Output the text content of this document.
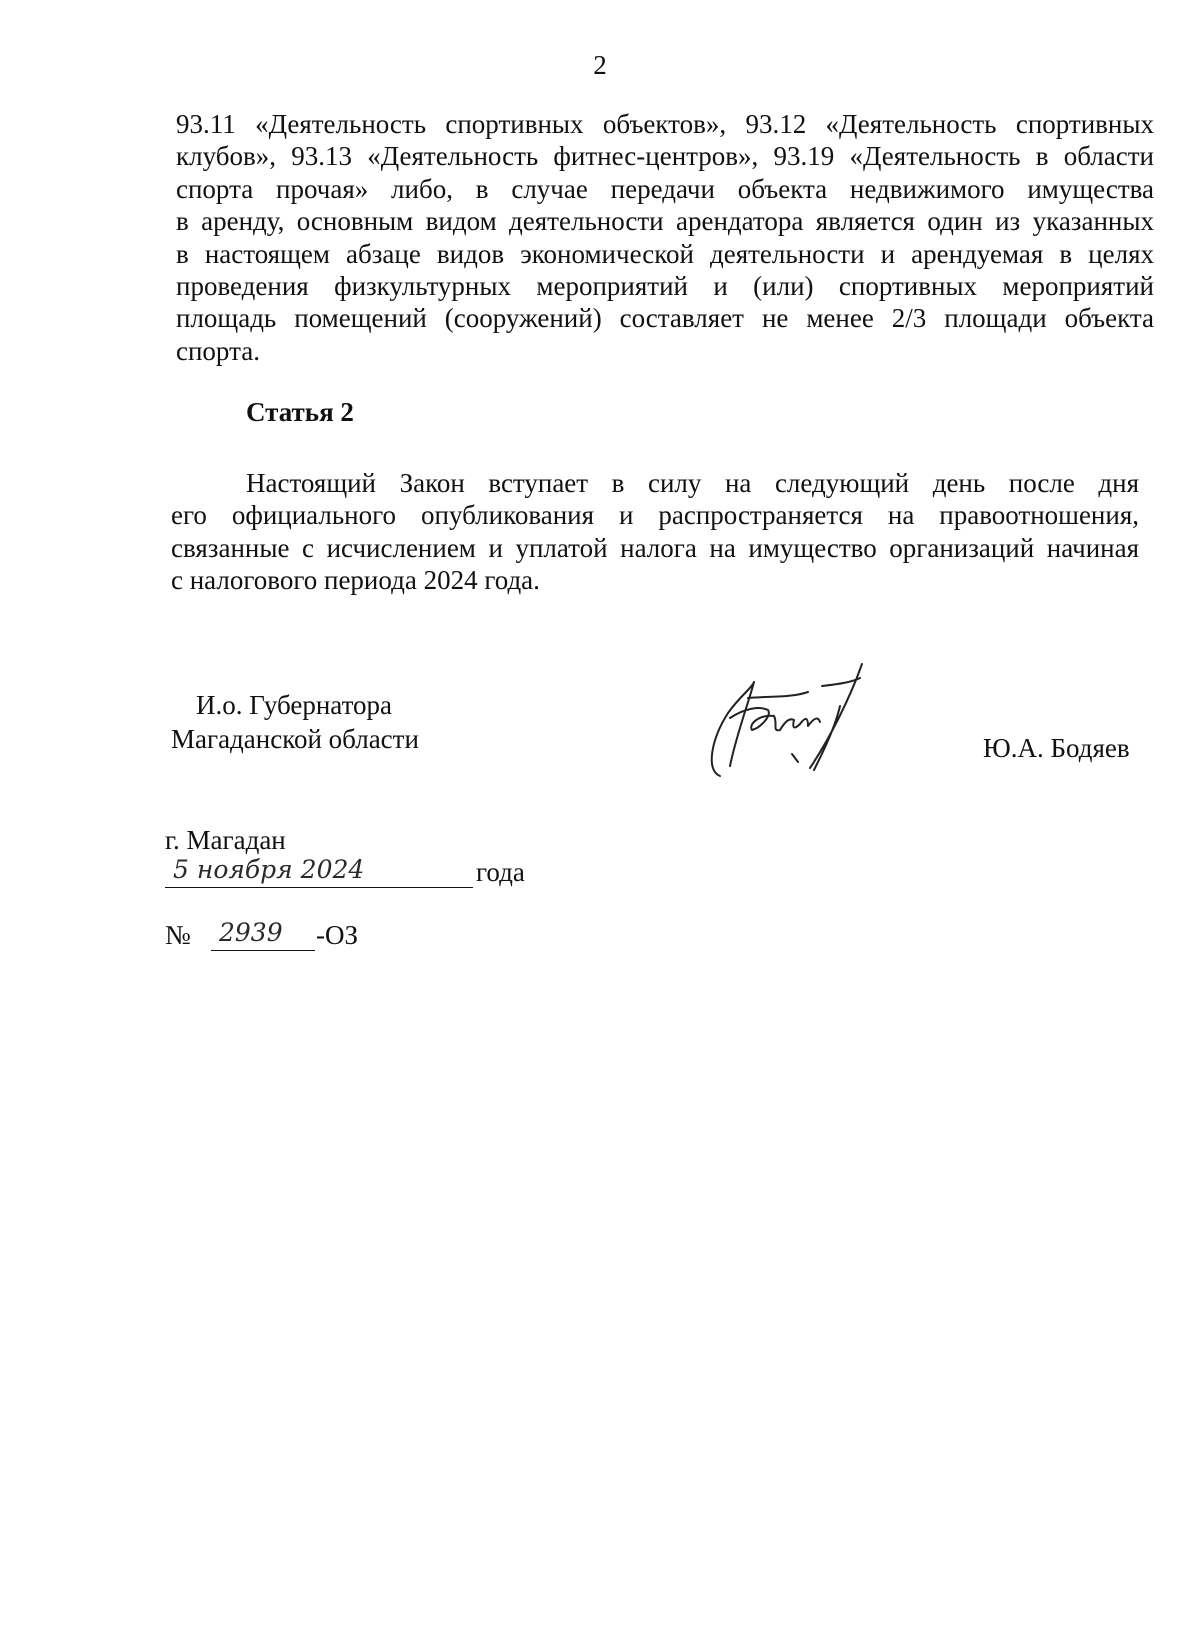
2
93.11 «Деятельность спортивных объектов», 93.12 «Деятельность спортивных
клубов», 93.13 «Деятельность фитнес-центров», 93.19 «Деятельность в области
спорта прочая» либо, в случае передачи объекта недвижимого имущества
в аренду, основным видом деятельности арендатора является один из указанных
в настоящем абзаце видов экономической деятельности и арендуемая в целях
проведения физкультурных мероприятий и (или) спортивных мероприятий
площадь помещений (сооружений) составляет не менее 2/3 площади объекта
спорта.
Статья 2
Настоящий Закон вступает в силу на следующий день после дня
его официального опубликования и распространяется на правоотношения,
связанные с исчислением и уплатой налога на имущество организаций начиная
с налогового периода 2024 года.
И.о. Губернатора
Магаданской области	Ю.А. Бодяев
г. Магадан
5 ноября 2024	года
№ 2939 -ОЗ
